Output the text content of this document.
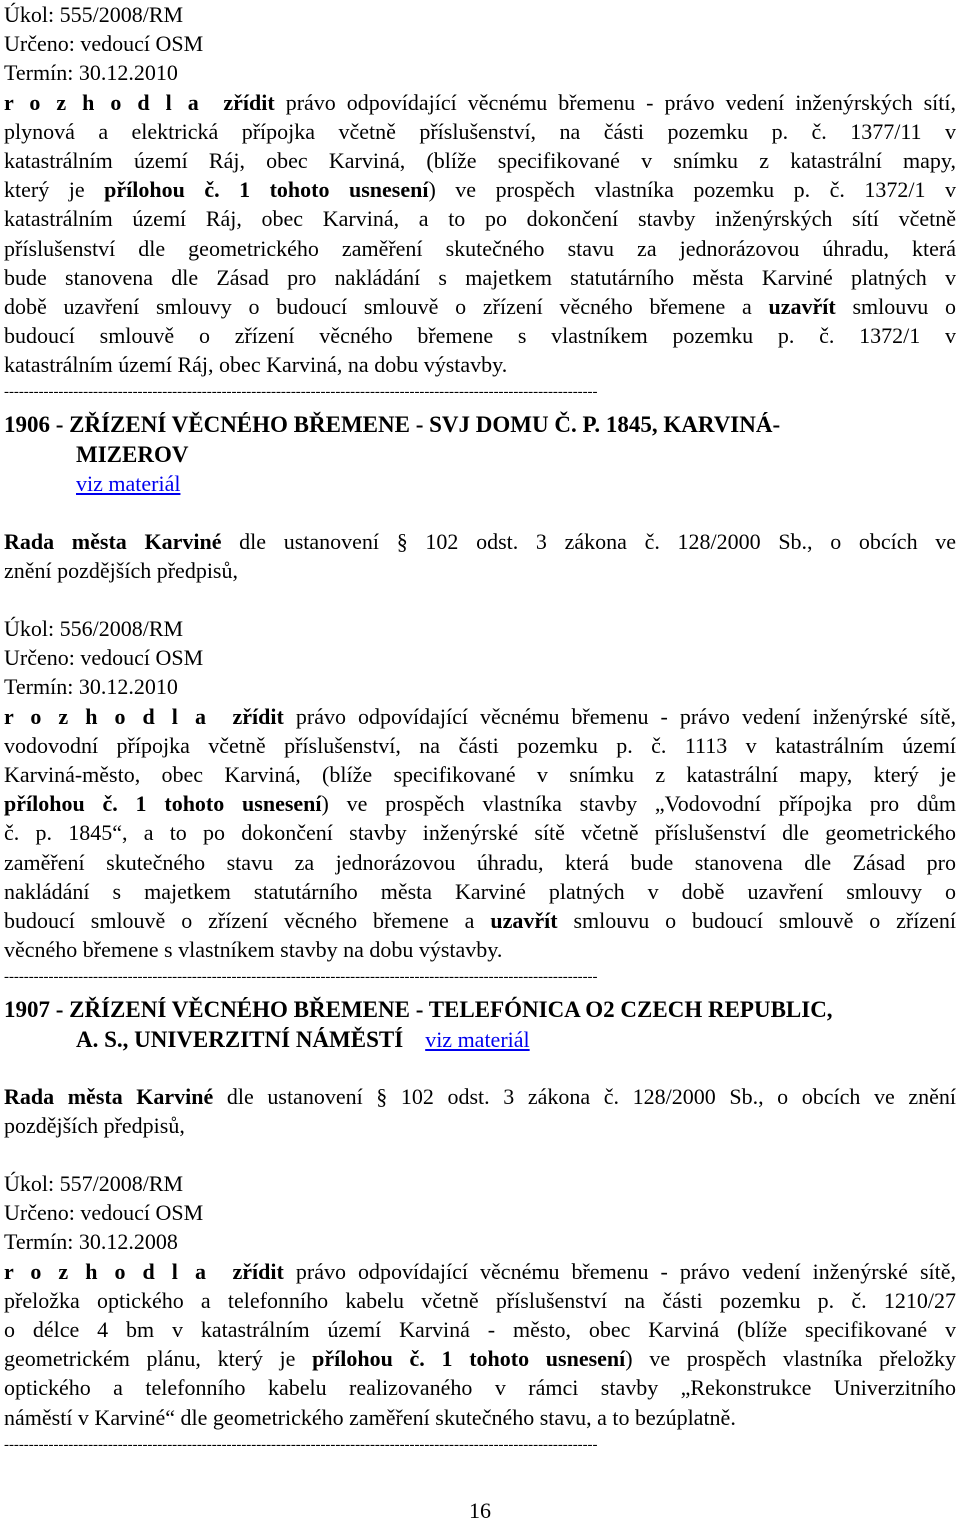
Úkol: 555/2008/RM
Určeno: vedoucí OSM
Termín: 30.12.2010
r o z h o d l a zřídit právo odpovídající věcnému břemenu - právo vedení inženýrských sítí,
plynová a elektrická přípojka včetně příslušenství, na části pozemku p. č. 1377/11 v
katastrálním území Ráj, obec Karviná, (blíže specifikované v snímku z katastrální mapy,
který je přílohou č. 1 tohoto usnesení) ve prospěch vlastníka pozemku p. č. 1372/1 v
katastrálním území Ráj, obec Karviná, a to po dokončení stavby inženýrských sítí včetně
příslušenství dle geometrického zaměření skutečného stavu za jednorázovou úhradu, která
bude stanovena dle Zásad pro nakládání s majetkem statutárního města Karviné platných v
době uzavření smlouvy o budoucí smlouvě o zřízení věcného břemene a uzavřít smlouvu o
budoucí smlouvě o zřízení věcného břemene s vlastníkem pozemku p. č. 1372/1 v
katastrálním území Ráj, obec Karviná, na dobu výstavby.
------------------------------------------------------------------------------------------------------------------------
1906 - ZŘÍZENÍ VĚCNÉHO BŘEMENE - SVJ DOMU Č. P. 1845, KARVINÁ-
MIZEROV
viz materiál
Rada města Karviné dle ustanovení § 102 odst. 3 zákona č. 128/2000 Sb., o obcích ve
znění pozdějších předpisů,
Úkol: 556/2008/RM
Určeno: vedoucí OSM
Termín: 30.12.2010
r o z h o d l a zřídit právo odpovídající věcnému břemenu - právo vedení inženýrské sítě,
vodovodní přípojka včetně příslušenství, na části pozemku p. č. 1113 v katastrálním území
Karviná-město, obec Karviná, (blíže specifikované v snímku z katastrální mapy, který je
přílohou č. 1 tohoto usnesení) ve prospěch vlastníka stavby „Vodovodní přípojka pro dům
č. p. 1845“, a to po dokončení stavby inženýrské sítě včetně příslušenství dle geometrického
zaměření skutečného stavu za jednorázovou úhradu, která bude stanovena dle Zásad pro
nakládání s majetkem statutárního města Karviné platných v době uzavření smlouvy o
budoucí smlouvě o zřízení věcného břemene a uzavřít smlouvu o budoucí smlouvě o zřízení
věcného břemene s vlastníkem stavby na dobu výstavby.
------------------------------------------------------------------------------------------------------------------------
1907 - ZŘÍZENÍ VĚCNÉHO BŘEMENE - TELEFÓNICA O2 CZECH REPUBLIC,
A. S., UNIVERZITNÍ NÁMĚSTÍ viz materiál
Rada města Karviné dle ustanovení § 102 odst. 3 zákona č. 128/2000 Sb., o obcích ve znění
pozdějších předpisů,
Úkol: 557/2008/RM
Určeno: vedoucí OSM
Termín: 30.12.2008
r o z h o d l a zřídit právo odpovídající věcnému břemenu - právo vedení inženýrské sítě,
přeložka optického a telefonního kabelu včetně příslušenství na části pozemku p. č. 1210/27
o délce 4 bm v katastrálním území Karviná - město, obec Karviná (blíže specifikované v
geometrickém plánu, který je přílohou č. 1 tohoto usnesení) ve prospěch vlastníka přeložky
optického a telefonního kabelu realizovaného v rámci stavby „Rekonstrukce Univerzitního
náměstí v Karviné“ dle geometrického zaměření skutečného stavu, a to bezúplatně.
------------------------------------------------------------------------------------------------------------------------
16
